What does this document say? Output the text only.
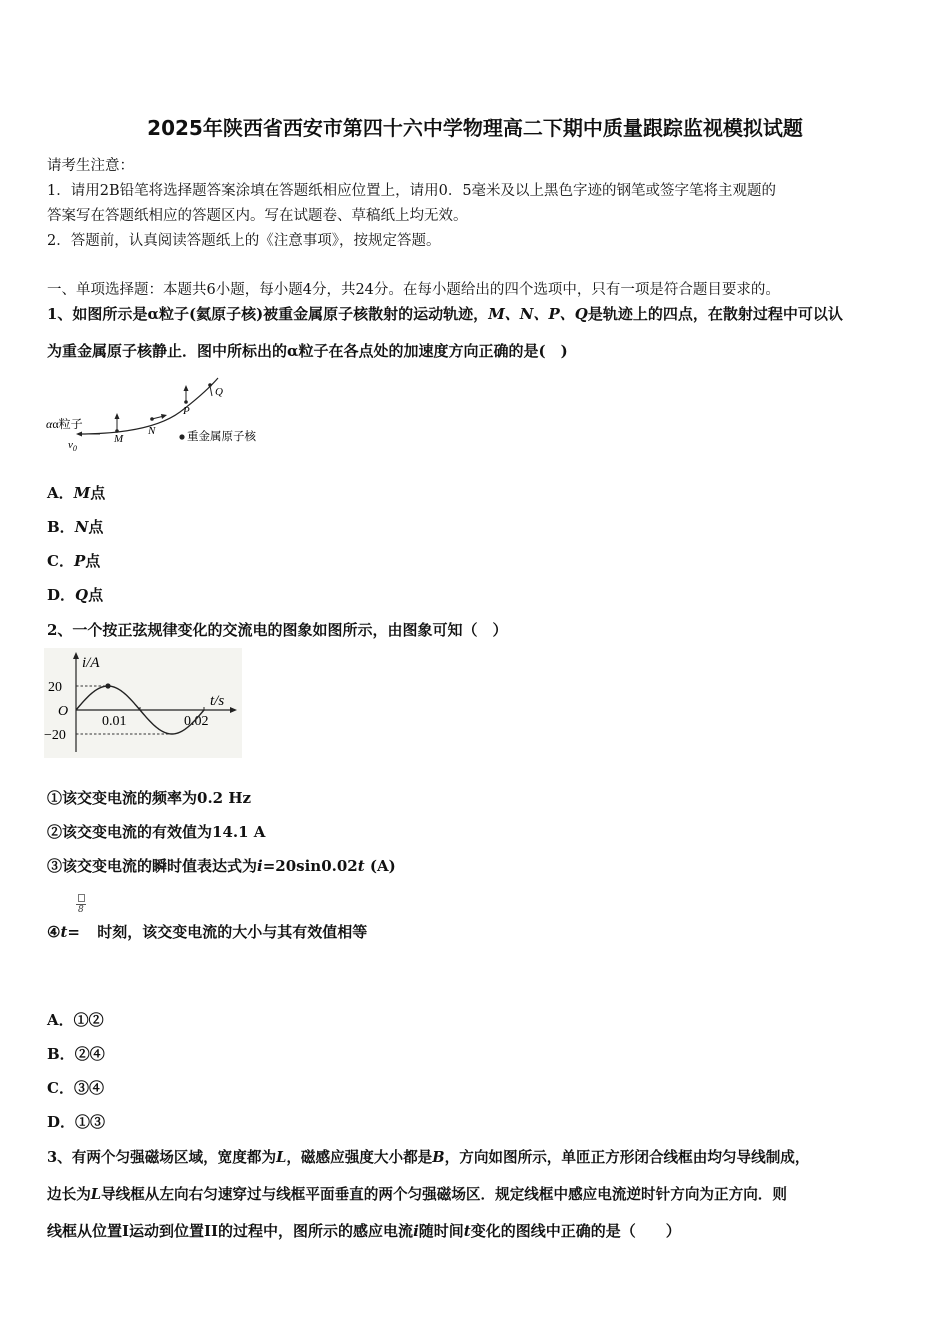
2025年陕西省西安市第四十六中学物理高二下期中质量跟踪监视模拟试题
请考生注意：
1．请用2B铅笔将选择题答案涂填在答题纸相应位置上，请用0．5毫米及以上黑色字迹的钢笔或签字笔将主观题的
答案写在答题纸相应的答题区内。写在试题卷、草稿纸上均无效。
2．答题前，认真阅读答题纸上的《注意事项》，按规定答题。
一、单项选择题：本题共6小题，每小题4分，共24分。在每小题给出的四个选项中，只有一项是符合题目要求的。
1、如图所示是α粒子(氦原子核)被重金属原子核散射的运动轨迹，M、N、P、Q是轨迹上的四点，在散射过程中可以认
为重金属原子核静止．图中所标出的α粒子在各点处的加速度方向正确的是(　)
αα粒子
$v_0$
M
N
P
Q
重金属原子核
A．M点
B．N点
C．P点
D．Q点
2、一个按正弦规律变化的交流电的图象如图所示，由图象可知（　）
i/A
t/s
O
20
−20
0.01	0.02
①该交变电流的频率为0.2 Hz
②该交变电流的有效值为14.1 A
③该交变电流的瞬时值表达式为i=20sin0.02t (A)
8
④t= 时刻，该交变电流的大小与其有效值相等
A．①②
B．②④
C．③④
D．①③
3、有两个匀强磁场区域，宽度都为L，磁感应强度大小都是B，方向如图所示，单匝正方形闭合线框由均匀导线制成，
边长为L导线框从左向右匀速穿过与线框平面垂直的两个匀强磁场区．规定线框中感应电流逆时针方向为正方向．则
线框从位置I运动到位置II的过程中，图所示的感应电流i随时间t变化的图线中正确的是（　　）
